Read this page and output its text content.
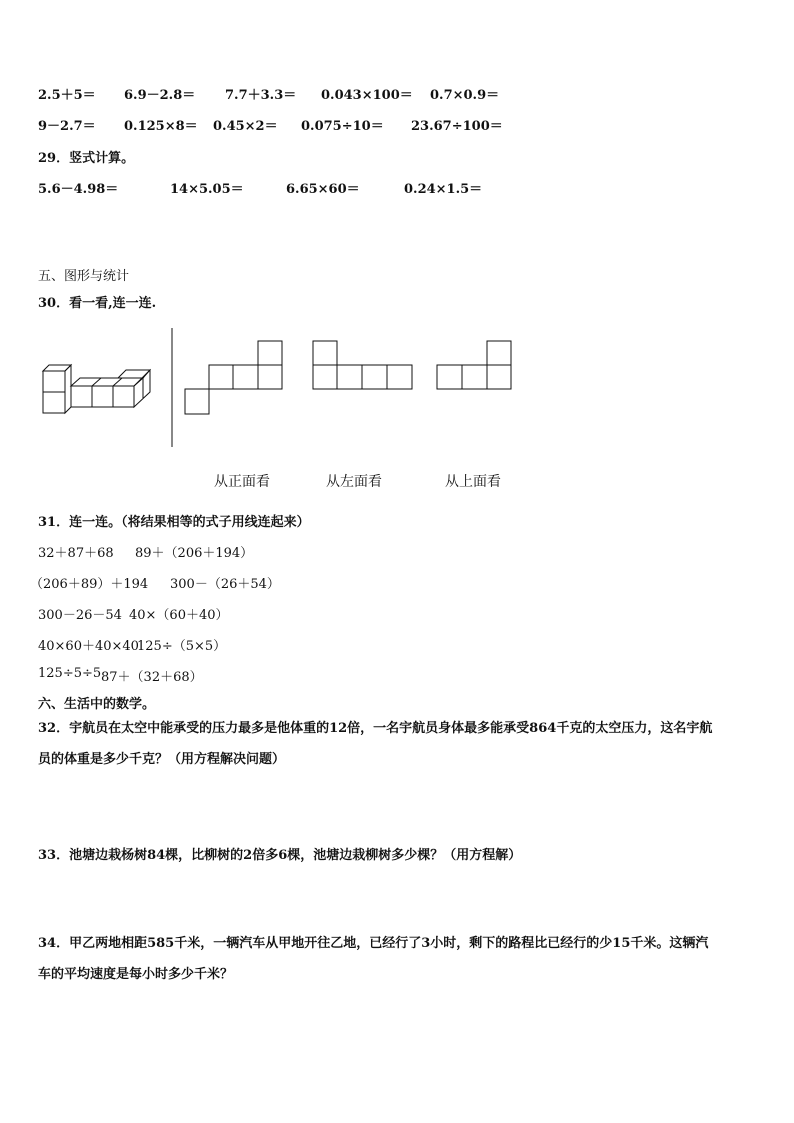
2.5＋5＝ 6.9－2.8＝ 7.7＋3.3＝ 0.043×100＝ 0.7×0.9＝
9－2.7＝ 0.125×8＝ 0.45×2＝ 0.075÷10＝ 23.67÷100＝
29．竖式计算。
5.6－4.98＝	14×5.05＝	6.65×60＝	0.24×1.5＝
五、图形与统计
30．看一看,连一连.
从正面看	从左面看	从上面看
31．连一连。（将结果相等的式子用线连起来）
32＋87＋68 89＋（206＋194）
（206＋89）＋194 300－（26＋54）
300－26－54 40×（60＋40）
40×60＋40×40
125÷（5×5）
125÷5÷5 87＋（32＋68）
六、生活中的数学。
32．宇航员在太空中能承受的压力最多是他体重的12倍，一名宇航员身体最多能承受864千克的太空压力，这名宇航
员的体重是多少千克？（用方程解决问题）
33．池塘边栽杨树84棵，比柳树的2倍多6棵，池塘边栽柳树多少棵？（用方程解）
34．甲乙两地相距585千米，一辆汽车从甲地开往乙地，已经行了3小时，剩下的路程比已经行的少15千米。这辆汽
车的平均速度是每小时多少千米？
